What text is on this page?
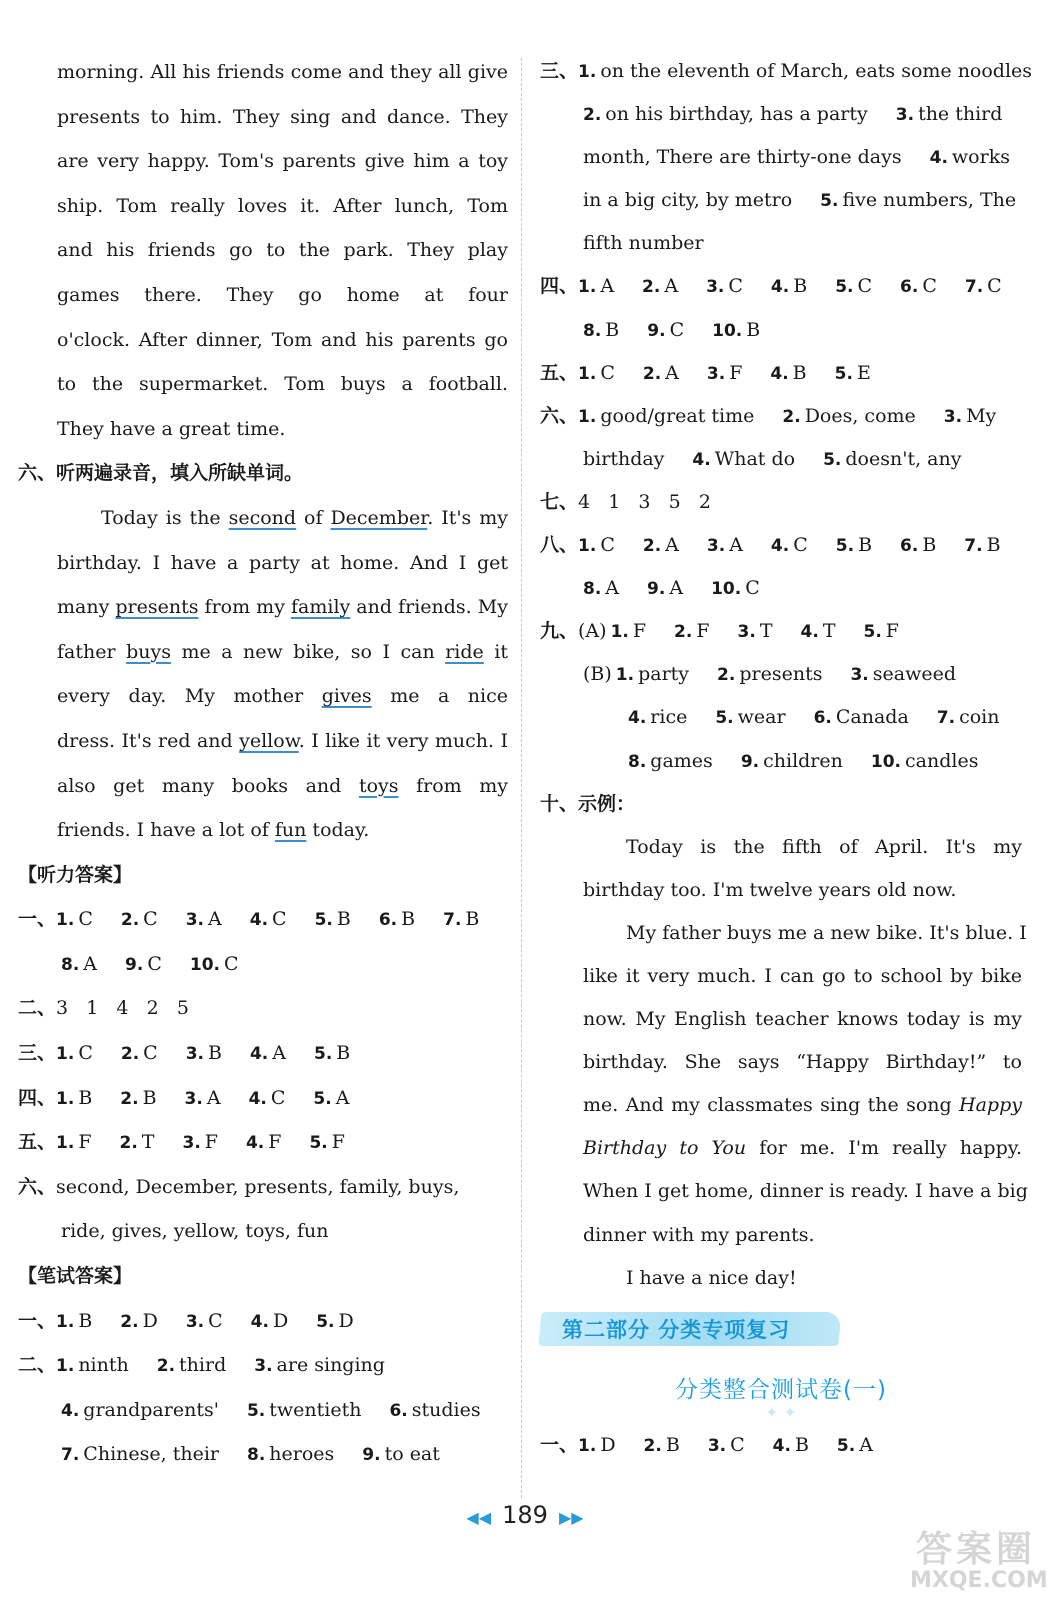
morning. All his friends come and they all give
presents to him. They sing and dance. They
are very happy. Tom's parents give him a toy
ship. Tom really loves it. After lunch, Tom
and his friends go to the park. They play
games there. They go home at four
o'clock. After dinner, Tom and his parents go
to the supermarket. Tom buys a football.
They have a great time.
六、听两遍录音，填入所缺单词。
Today is the second of December. It's my
birthday. I have a party at home. And I get
many presents from my family and friends. My
father buys me a new bike, so I can ride it
every day. My mother gives me a nice
dress. It's red and yellow. I like it very much. I
also get many books and toys from my
friends. I have a lot of fun today.
【听力答案】
一、1. C 2. C 3. A 4. C 5. B 6. B 7. B
8. A 9. C 10. C
二、3   1   4   2   5
三、1. C 2. C 3. B 4. A 5. B
四、1. B 2. B 3. A 4. C 5. A
五、1. F 2. T 3. F 4. F 5. F
六、second, December, presents, family, buys,
ride, gives, yellow, toys, fun
【笔试答案】
一、1. B 2. D 3. C 4. D 5. D
二、1. ninth 2. third 3. are singing
4. grandparents' 5. twentieth 6. studies
7. Chinese, their 8. heroes 9. to eat
三、1. on the eleventh of March, eats some noodles
2. on his birthday, has a party 3. the third
month, There are thirty-one days 4. works
in a big city, by metro 5. five numbers, The
fifth number
四、1. A 2. A 3. C 4. B 5. C 6. C 7. C
8. B 9. C 10. B
五、1. C 2. A 3. F 4. B 5. E
六、1. good/great time 2. Does, come 3. My
birthday 4. What do 5. doesn't, any
七、4   1   3   5   2
八、1. C 2. A 3. A 4. C 5. B 6. B 7. B
8. A 9. A 10. C
九、(A) 1. F 2. F 3. T 4. T 5. F
(B) 1. party 2. presents 3. seaweed
4. rice 5. wear 6. Canada 7. coin
8. games 9. children 10. candles
十、示例：
Today is the fifth of April. It's my
birthday too. I'm twelve years old now.
My father buys me a new bike. It's blue. I
like it very much. I can go to school by bike
now. My English teacher knows today is my
birthday. She says “Happy Birthday!” to
me. And my classmates sing the song Happy
Birthday to You for me. I'm really happy.
When I get home, dinner is ready. I have a big
dinner with my parents.
I have a nice day!
第二部分 分类专项复习
分类整合测试卷(一)
✦ ✦
一、1. D 2. B 3. C 4. B 5. A
◀◀ 189 ▶▶
答案圈
MXQE.COM
